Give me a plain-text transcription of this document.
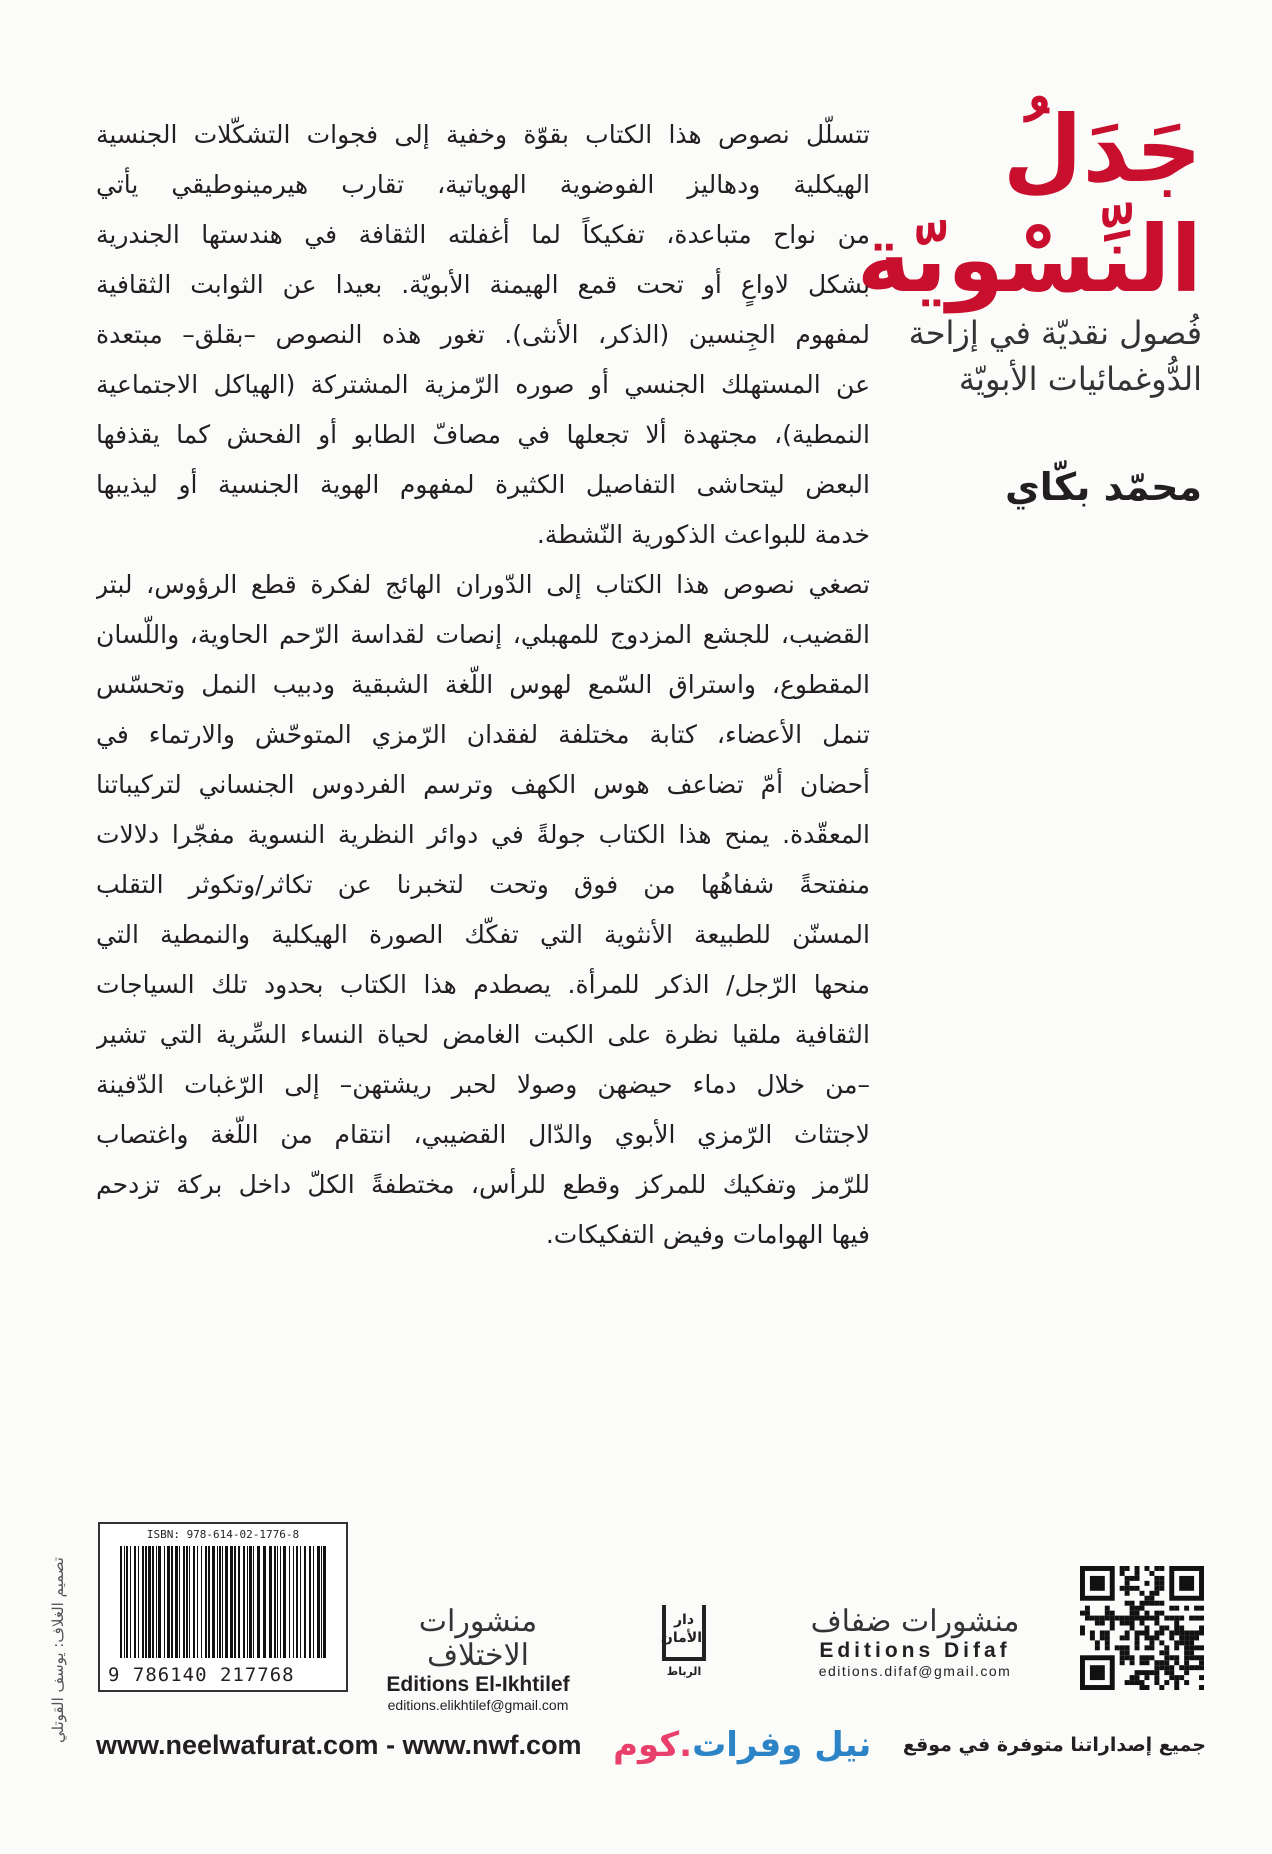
جَدَلُ
النِّسْويّة
فُصول نقديّة في إزاحة
الدُّوغمائيات الأبويّة
محمّد بكّاي
تتسلّل نصوص هذا الكتاب بقوّة وخفية إلى فجوات التشكّلات الجنسية
الهيكلية ودهاليز الفوضوية الهوياتية، تقارب هيرمينوطيقي يأتي
من نواح متباعدة، تفكيكاً لما أغفلته الثقافة في هندستها الجندرية
بشكل لاواعٍ أو تحت قمع الهيمنة الأبويّة. بعيدا عن الثوابت الثقافية
لمفهوم الجِنسين (الذكر، الأنثى). تغور هذه النصوص –بقلق– مبتعدة
عن المستهلك الجنسي أو صوره الرّمزية المشتركة (الهياكل الاجتماعية
النمطية)، مجتهدة ألا تجعلها في مصافّ الطابو أو الفحش كما يقذفها
البعض ليتحاشى التفاصيل الكثيرة لمفهوم الهوية الجنسية أو ليذيبها
خدمة للبواعث الذكورية النّشطة.
تصغي نصوص هذا الكتاب إلى الدّوران الهائج لفكرة قطع الرؤوس، لبتر
القضيب، للجشع المزدوج للمهبلي، إنصات لقداسة الرّحم الحاوية، واللّسان
المقطوع، واستراق السّمع لهوس اللّغة الشبقية ودبيب النمل وتحسّس
تنمل الأعضاء، كتابة مختلفة لفقدان الرّمزي المتوحّش والارتماء في
أحضان أمّ تضاعف هوس الكهف وترسم الفردوس الجنساني لتركيباتنا
المعقّدة. يمنح هذا الكتاب جولةً في دوائر النظرية النسوية مفجّرا دلالات
منفتحةً شفاهُها من فوق وتحت لتخبرنا عن تكاثر/وتكوثر التقلب
المسنّن للطبيعة الأنثوية التي تفكّك الصورة الهيكلية والنمطية التي
منحها الرّجل/ الذكر للمرأة. يصطدم هذا الكتاب بحدود تلك السياجات
الثقافية ملقيا نظرة على الكبت الغامض لحياة النساء السِّرية التي تشير
–من خلال دماء حيضهن وصولا لحبر ريشتهن– إلى الرّغبات الدّفينة
لاجتثاث الرّمزي الأبوي والدّال القضيبي، انتقام من اللّغة واغتصاب
للرّمز وتفكيك للمركز وقطع للرأس، مختطفةً الكلّ داخل بركة تزدحم
فيها الهوامات وفيض التفكيكات.
ISBN: 978-614-02-1776-8
9 786140 217768
منشورات الاختلاف
Editions El-Ikhtilef
editions.elikhtilef@gmail.com
دار الأمان
الرباط
منشورات ضفاف
Editions Difaf
editions.difaf@gmail.com
www.neelwafurat.com - www.nwf.com	نيل وفرات.كوم	جميع إصداراتنا متوفرة في موقع
تصميم الغلاف: يوسف القوتلي
